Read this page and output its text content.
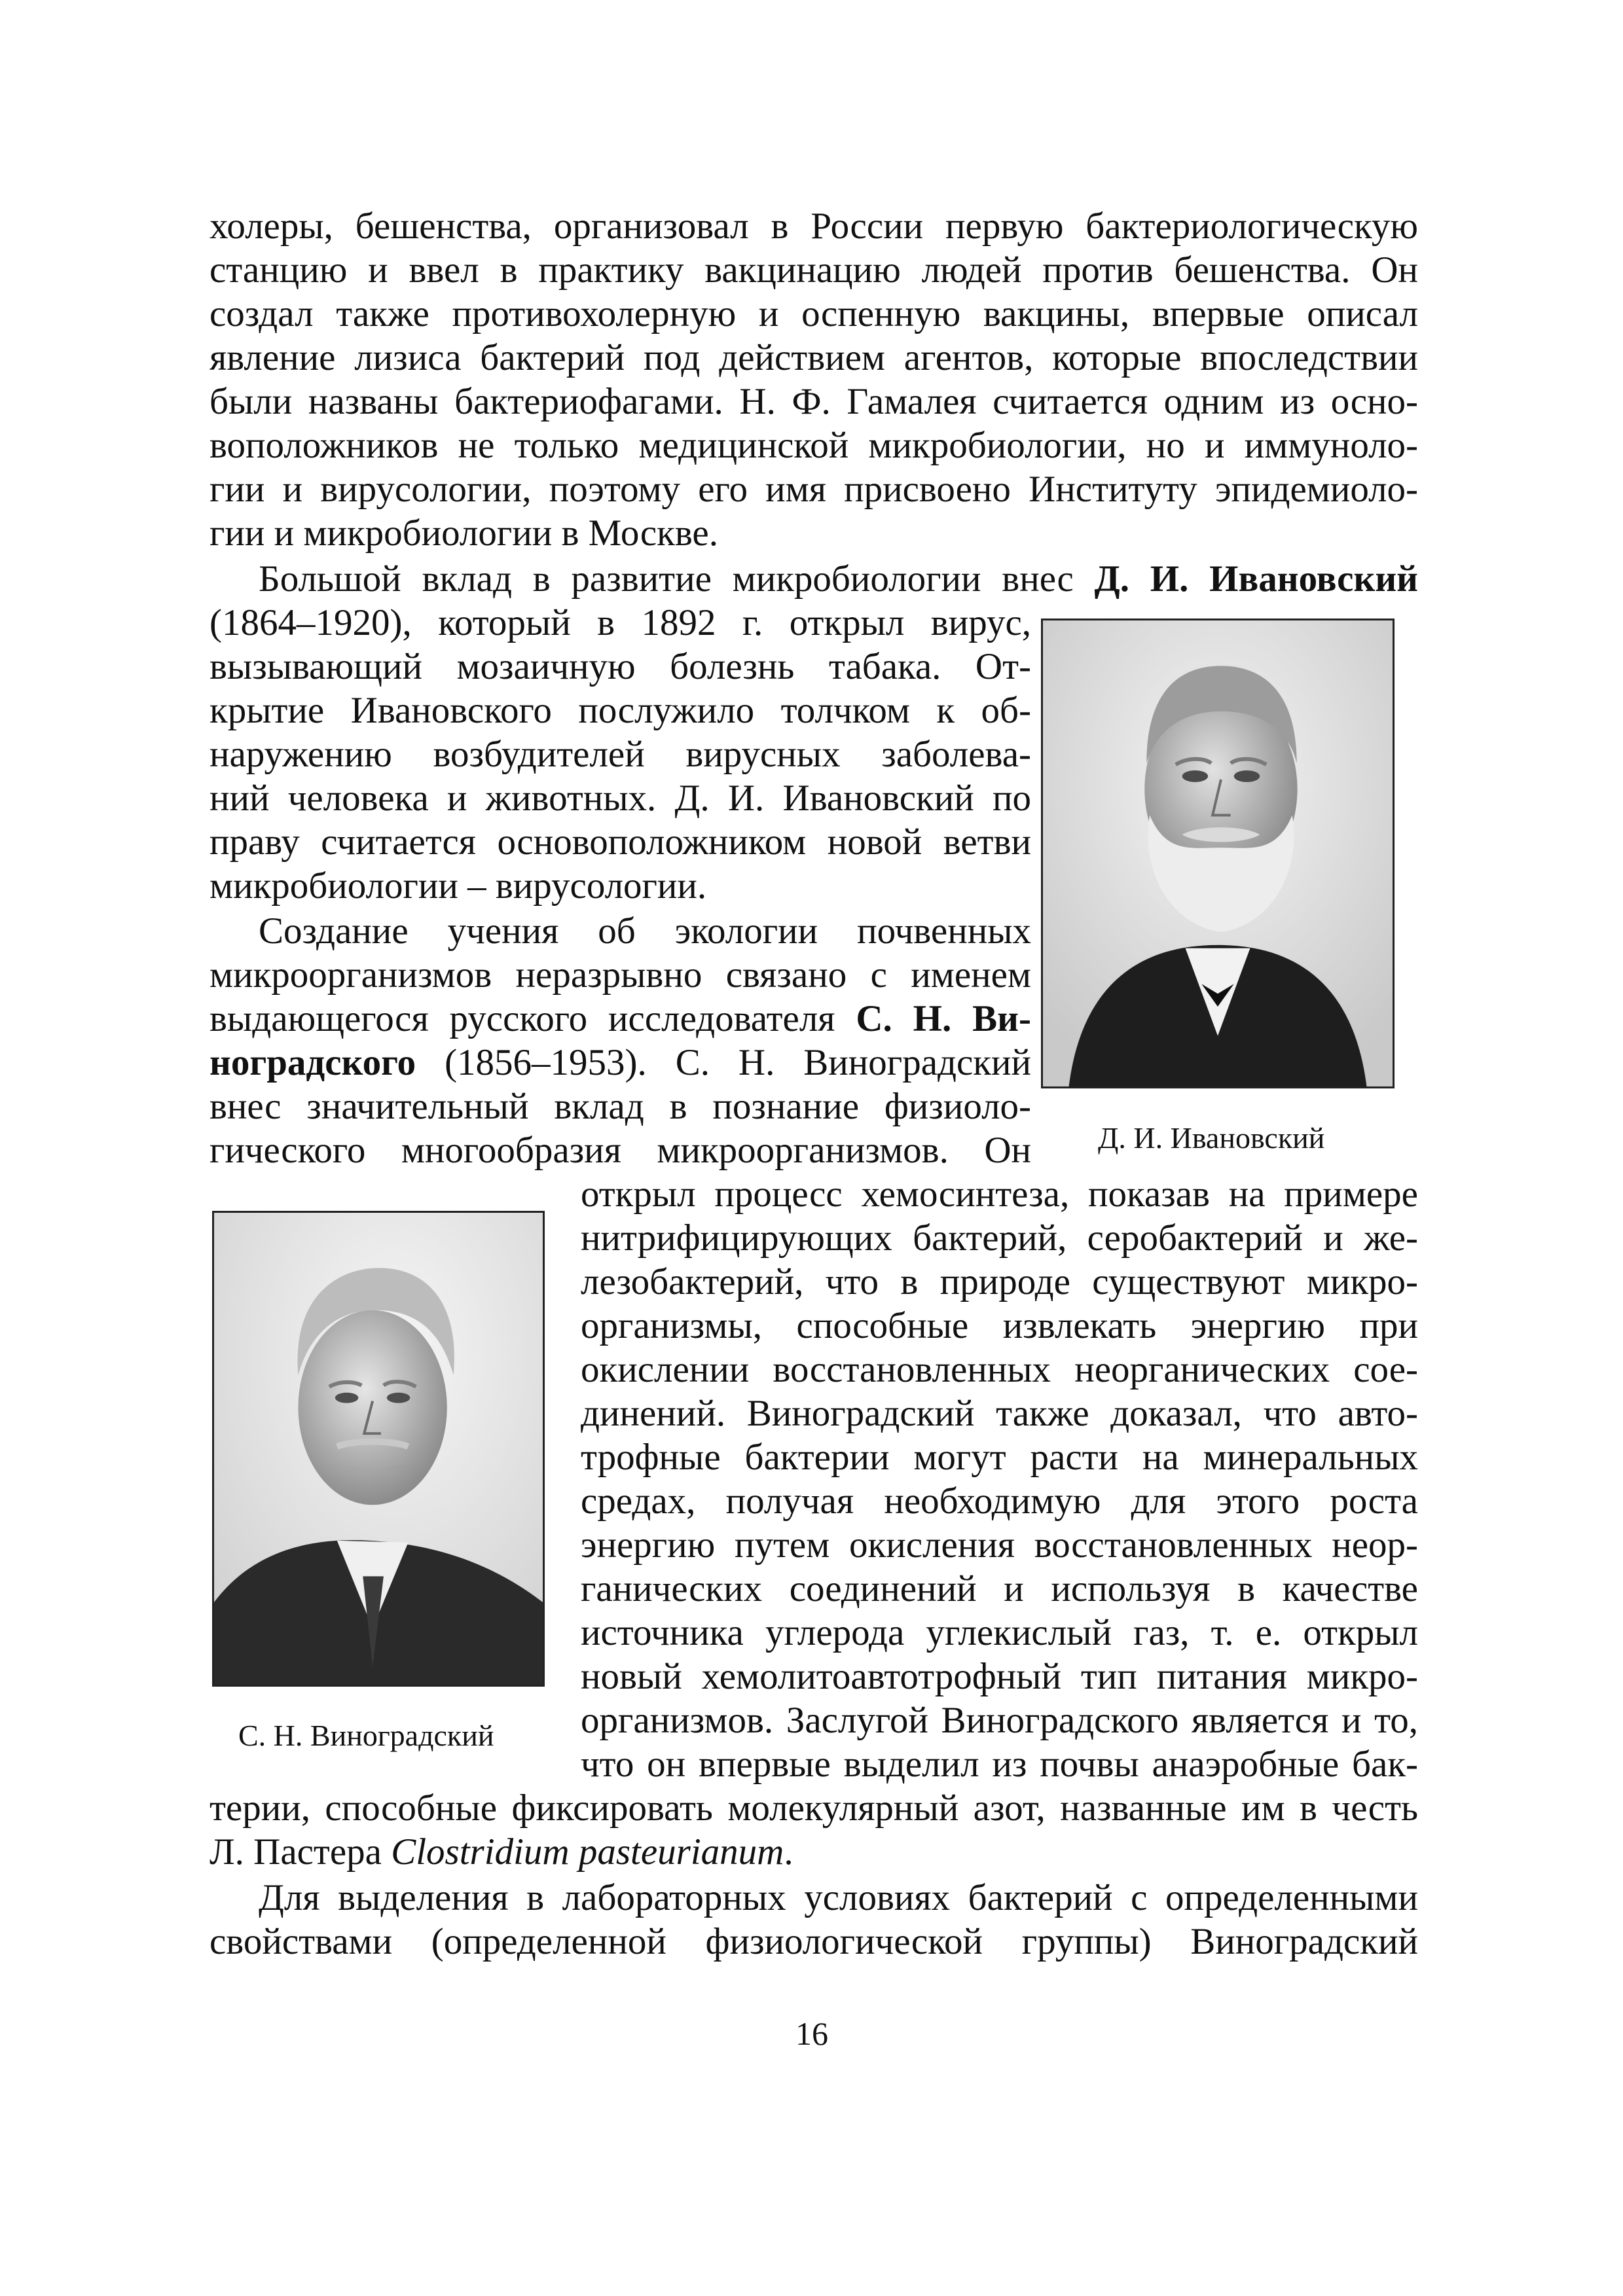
холеры, бешенства, организовал в России первую бактериологическую
станцию и ввел в практику вакцинацию людей против бешенства. Он
создал также противохолерную и оспенную вакцины, впервые описал
явление лизиса бактерий под действием агентов, которые впоследствии
были названы бактериофагами. Н. Ф. Гамалея считается одним из осно-
воположников не только медицинской микробиологии, но и иммуноло-
гии и вирусологии, поэтому его имя присвоено Институту эпидемиоло-
гии и микробиологии в Москве.
Большой вклад в развитие микробиологии внес Д. И. Ивановский
(1864–1920), который в 1892 г. открыл вирус,
вызывающий мозаичную болезнь табака. От-
крытие Ивановского послужило толчком к об-
наружению возбудителей вирусных заболева-
ний человека и животных. Д. И. Ивановский по
праву считается основоположником новой ветви
микробиологии – вирусологии.
Создание учения об экологии почвенных
микроорганизмов неразрывно связано с именем
выдающегося русского исследователя С. Н. Ви-
ноградского (1856–1953). С. Н. Виноградский
внес значительный вклад в познание физиоло-
гического многообразия микроорганизмов. Он
открыл процесс хемосинтеза, показав на примере
нитрифицирующих бактерий, серобактерий и же-
лезобактерий, что в природе существуют микро-
организмы, способные извлекать энергию при
окислении восстановленных неорганических сое-
динений. Виноградский также доказал, что авто-
трофные бактерии могут расти на минеральных
средах, получая необходимую для этого роста
энергию путем окисления восстановленных неор-
ганических соединений и используя в качестве
источника углерода углекислый газ, т. е. открыл
новый хемолитоавтотрофный тип питания микро-
организмов. Заслугой Виноградского является и то,
что он впервые выделил из почвы анаэробные бак-
терии, способные фиксировать молекулярный азот, названные им в честь
Л. Пастера Clostridium pasteurianum.
Для выделения в лабораторных условиях бактерий с определенными
свойствами (определенной физиологической группы) Виноградский
Д. И. Ивановский
С. Н. Виноградский
16
